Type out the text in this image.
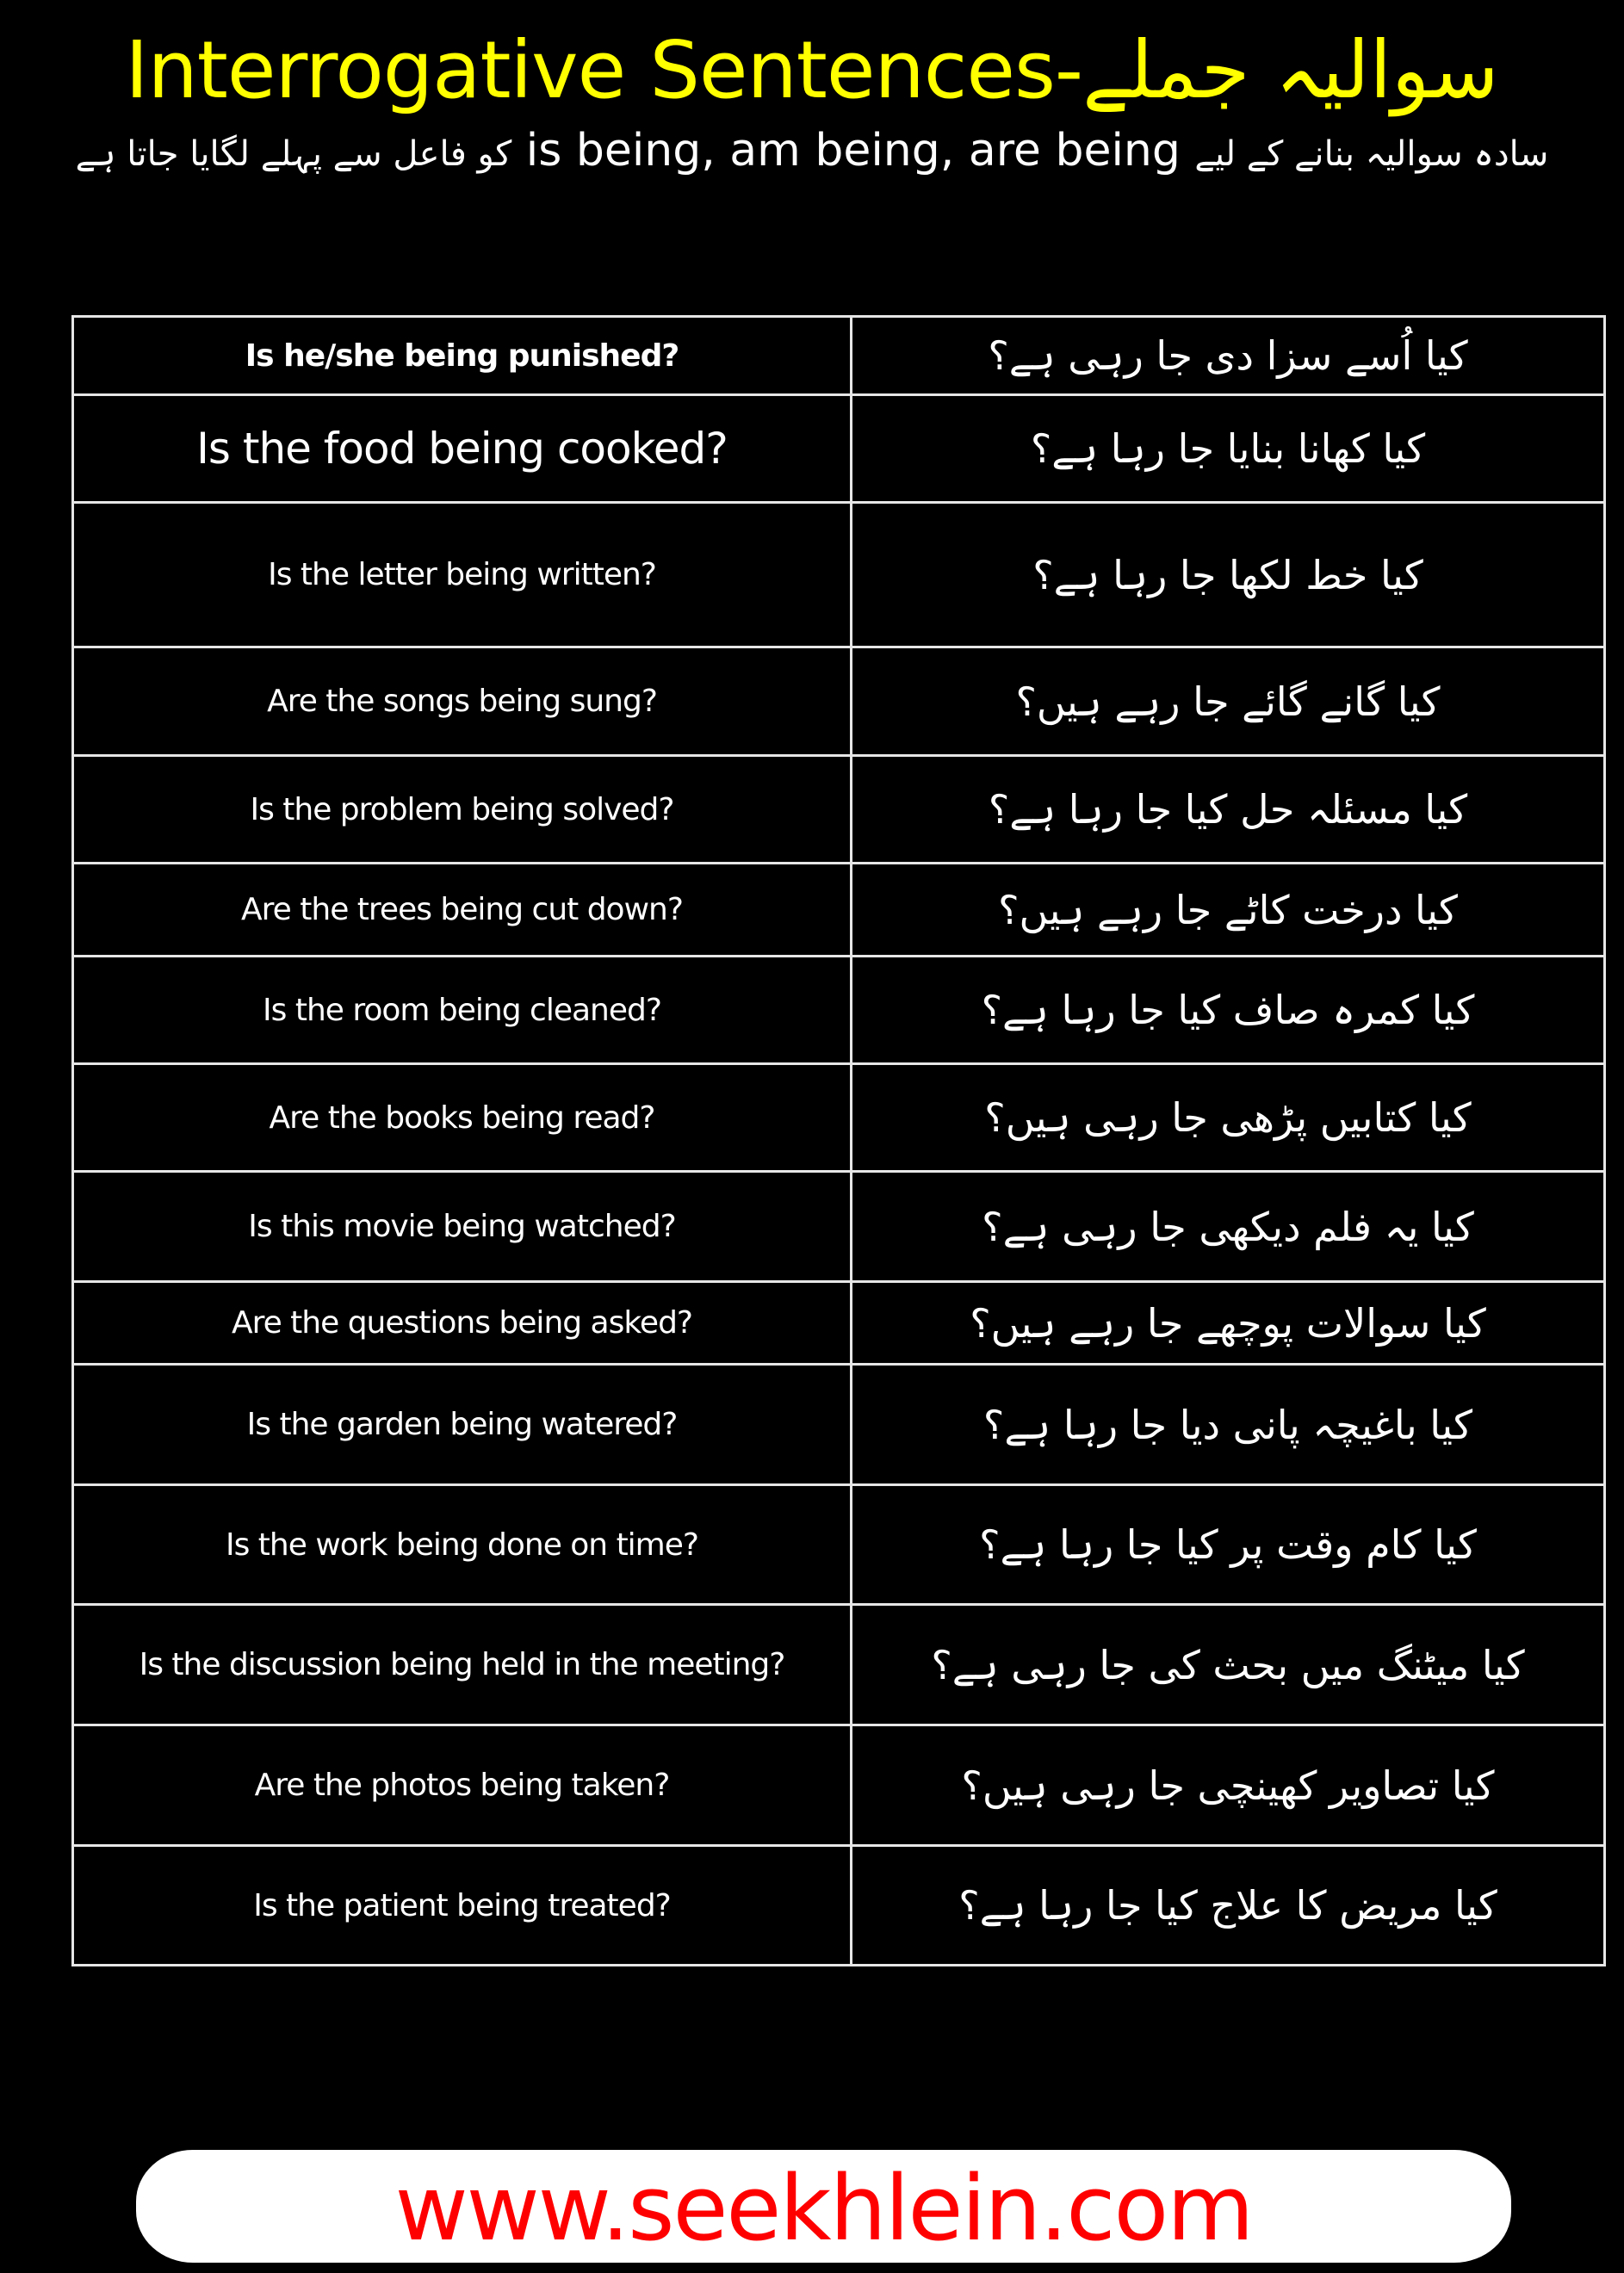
Interrogative Sentences-سوالیہ جملے
کو فاعل سے پہلے لگایا جاتا ہے is being, am being, are being سادہ سوالیہ بنانے کے لیے
Is he/she being punished?	کیا اُسے سزا دی جا رہی ہے؟
Is the food being cooked?	کیا کھانا بنایا جا رہا ہے؟
Is the letter being written?	کیا خط لکھا جا رہا ہے؟
Are the songs being sung?	کیا گانے گائے جا رہے ہیں؟
Is the problem being solved?	کیا مسئلہ حل کیا جا رہا ہے؟
Are the trees being cut down?	کیا درخت کاٹے جا رہے ہیں؟
Is the room being cleaned?	کیا کمرہ صاف کیا جا رہا ہے؟
Are the books being read?	کیا کتابیں پڑھی جا رہی ہیں؟
Is this movie being watched?	کیا یہ فلم دیکھی جا رہی ہے؟
Are the questions being asked?	کیا سوالات پوچھے جا رہے ہیں؟
Is the garden being watered?	کیا باغیچہ پانی دیا جا رہا ہے؟
Is the work being done on time?	کیا کام وقت پر کیا جا رہا ہے؟
Is the discussion being held in the meeting?	کیا میٹنگ میں بحث کی جا رہی ہے؟
Are the photos being taken?	کیا تصاویر کھینچی جا رہی ہیں؟
Is the patient being treated?	کیا مریض کا علاج کیا جا رہا ہے؟
www.seekhlein.com
